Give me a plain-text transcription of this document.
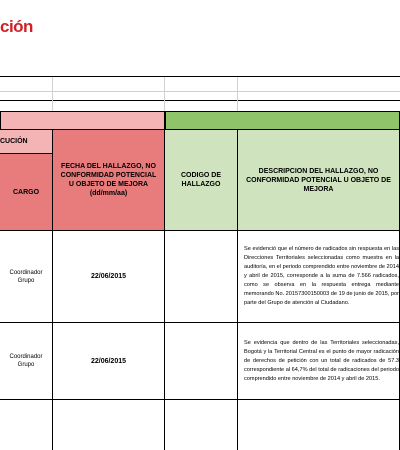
ción
CUCIÓN
CARGO
FECHA DEL HALLAZGO, NO CONFORMIDAD POTENCIAL U OBJETO DE MEJORA (dd/mm/aa)
CODIGO DE HALLAZGO
DESCRIPCION DEL HALLAZGO, NO CONFORMIDAD POTENCIAL U OBJETO DE MEJORA
Coordinador Grupo
22/06/2015
Se evidenció que el número de radicados sin respuesta en las Direcciones Territoriales seleccionadas como muestra en la auditoría, en el periodo comprendido entre noviembre de 2014 y abril de 2015, corresponde a la suma de 7.566 radicados, como se observa en la respuesta entrega mediante memorando No. 20157300150003 de 19 de junio de 2015, por parte del Grupo de atención al Ciudadano.
Coordinador Grupo
22/06/2015
Se evidencia que dentro de las Territoriales seleccionadas, Bogotá y la Territorial Central es el punto de mayor radicación de derechos de petición con un total de radicados de 57.3 correspondiente al 64,7% del total de radicaciones del periodo comprendido entre noviembre de 2014 y abril de 2015.
